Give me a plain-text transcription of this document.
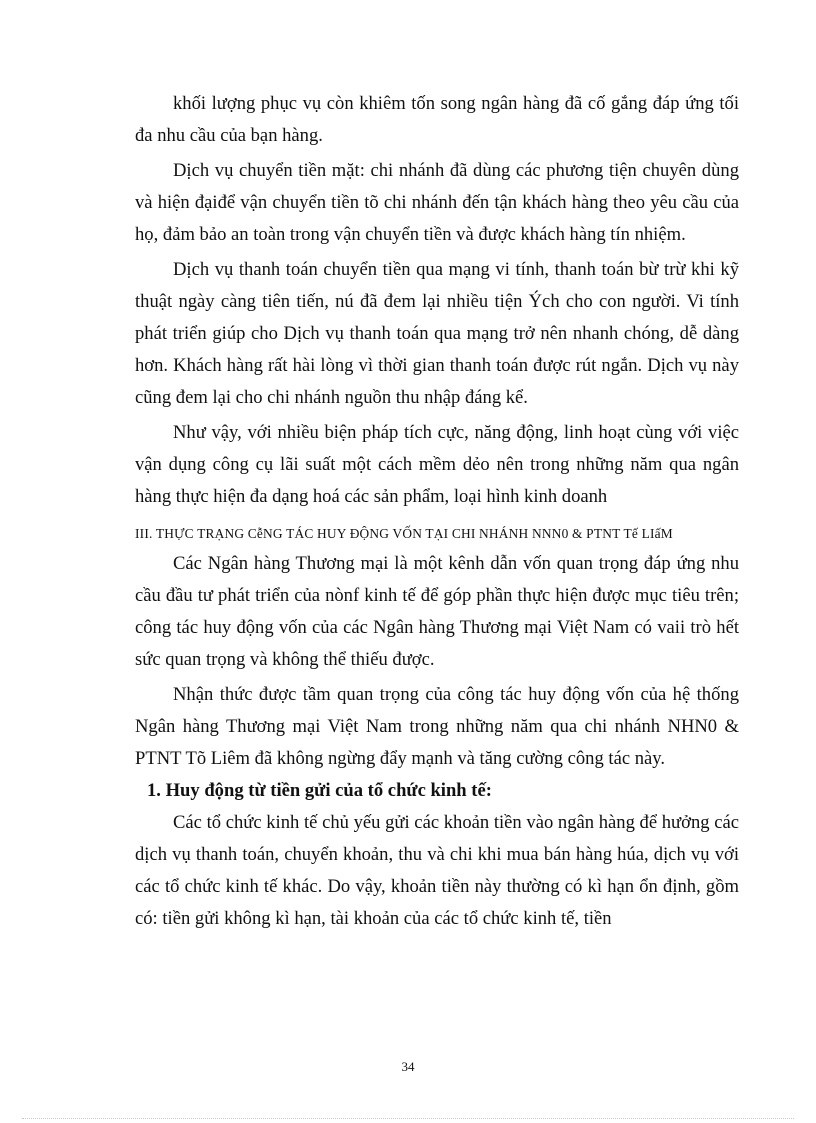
khối lượng phục vụ còn khiêm tốn song ngân hàng đã cố gắng đáp ứng tối đa nhu cầu của bạn hàng.

Dịch vụ chuyển tiền mặt: chi nhánh đã dùng các phương tiện chuyên dùng và hiện đạiđể vận chuyển tiền tõ chi nhánh đến tận khách hàng theo yêu cầu của họ, đảm bảo an toàn trong vận chuyển tiền và được khách hàng tín nhiệm.

Dịch vụ thanh toán chuyển tiền qua mạng vi tính, thanh toán bừ trừ khi kỹ thuật ngày càng tiên tiến, nú đã đem lại nhiều tiện Ých cho con người. Vi tính phát triển giúp cho Dịch vụ thanh toán qua mạng trở nên nhanh chóng, dễ dàng hơn. Khách hàng rất hài lòng vì thời gian thanh toán được rút ngắn. Dịch vụ này cũng đem lại cho chi nhánh nguồn thu nhập đáng kể.

Như vậy, với nhiều biện pháp tích cực, năng động, linh hoạt cùng với việc vận dụng công cụ lãi suất một cách mềm dẻo nên trong những năm qua ngân hàng thực hiện đa dạng hoá các sản phẩm, loại hình kinh doanh

III. THỰC TRẠNG CễNG TÁC HUY ĐỘNG VỐN TẠI CHI NHÁNH NNN0 & PTNT Tế LIấM

Các Ngân hàng Thương mại là một kênh dẫn vốn quan trọng đáp ứng nhu cầu đầu tư phát triển của nònf kinh tế để góp phần thực hiện được mục tiêu trên; công tác huy động vốn của các Ngân hàng Thương mại Việt Nam có vaii trò hết sức quan trọng và không thể thiếu được.

Nhận thức được tầm quan trọng của công tác huy động vốn của hệ thống Ngân hàng Thương mại Việt Nam trong những năm qua chi nhánh NHN0 & PTNT Tõ Liêm đã không ngừng đẩy mạnh và tăng cường công tác này.

1. Huy động từ tiền gửi của tổ chức kinh tế:

Các tổ chức kinh tế chủ yếu gửi các khoản tiền vào ngân hàng để hưởng các dịch vụ thanh toán, chuyển khoản, thu và chi khi mua bán hàng húa, dịch vụ với các tổ chức kinh tế khác. Do vậy, khoản tiền này thường có kì hạn ổn định, gồm có: tiền gửi không kì hạn, tài khoản của các tổ chức kinh tế, tiền

34
